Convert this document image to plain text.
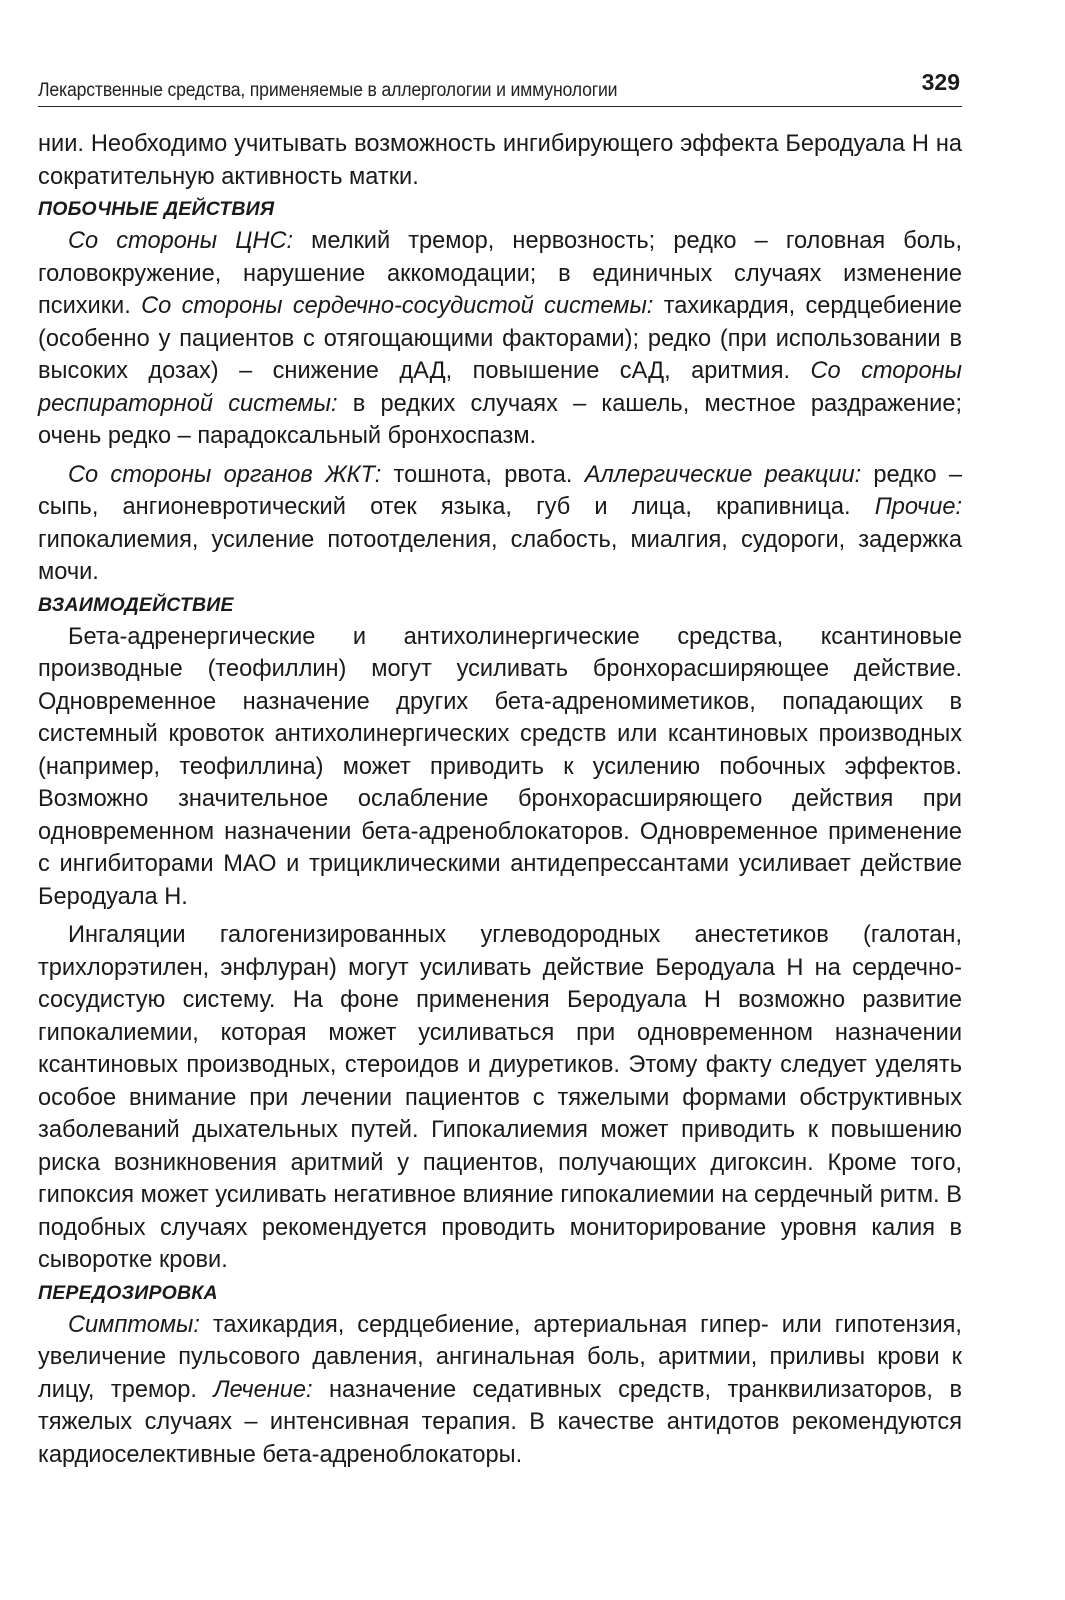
Лекарственные средства, применяемые в аллергологии и иммунологии	329

нии. Необходимо учитывать возможность ингибирующего эффекта Беродуала Н на сократительную активность матки.

ПОБОЧНЫЕ ДЕЙСТВИЯ

Со стороны ЦНС: мелкий тремор, нервозность; редко – головная боль, головокружение, нарушение аккомодации; в единичных случаях изменение психики. Со стороны сердечно-сосудистой системы: тахикардия, сердцебиение (особенно у пациентов с отягощающими факторами); редко (при использовании в высоких дозах) – снижение дАД, повышение сАД, аритмия. Со стороны респираторной системы: в редких случаях – кашель, местное раздражение; очень редко – парадоксальный бронхоспазм.

Со стороны органов ЖКТ: тошнота, рвота. Аллергические реакции: редко – сыпь, ангионевротический отек языка, губ и лица, крапивница. Прочие: гипокалиемия, усиление потоотделения, слабость, миалгия, судороги, задержка мочи.

ВЗАИМОДЕЙСТВИЕ

Бета-адренергические и антихолинергические средства, ксантиновые производные (теофиллин) могут усиливать бронхорасширяющее действие. Одновременное назначение других бета-адреномиметиков, попадающих в системный кровоток антихолинергических средств или ксантиновых производных (например, теофиллина) может приводить к усилению побочных эффектов. Возможно значительное ослабление бронхорасширяющего действия при одновременном назначении бета-адреноблокаторов. Одновременное применение с ингибиторами МАО и трициклическими антидепрессантами усиливает действие Беродуала Н.

Ингаляции галогенизированных углеводородных анестетиков (галотан, трихлорэтилен, энфлуран) могут усиливать действие Беродуала Н на сердечно-сосудистую систему. На фоне применения Беродуала Н возможно развитие гипокалиемии, которая может усиливаться при одновременном назначении ксантиновых производных, стероидов и диуретиков. Этому факту следует уделять особое внимание при лечении пациентов с тяжелыми формами обструктивных заболеваний дыхательных путей. Гипокалиемия может приводить к повышению риска возникновения аритмий у пациентов, получающих дигоксин. Кроме того, гипоксия может усиливать негативное влияние гипокалиемии на сердечный ритм. В подобных случаях рекомендуется проводить мониторирование уровня калия в сыворотке крови.

ПЕРЕДОЗИРОВКА

Симптомы: тахикардия, сердцебиение, артериальная гипер- или гипотензия, увеличение пульсового давления, ангинальная боль, аритмии, приливы крови к лицу, тремор. Лечение: назначение седативных средств, транквилизаторов, в тяжелых случаях – интенсивная терапия. В качестве антидотов рекомендуются кардиоселективные бета-адреноблокаторы.
